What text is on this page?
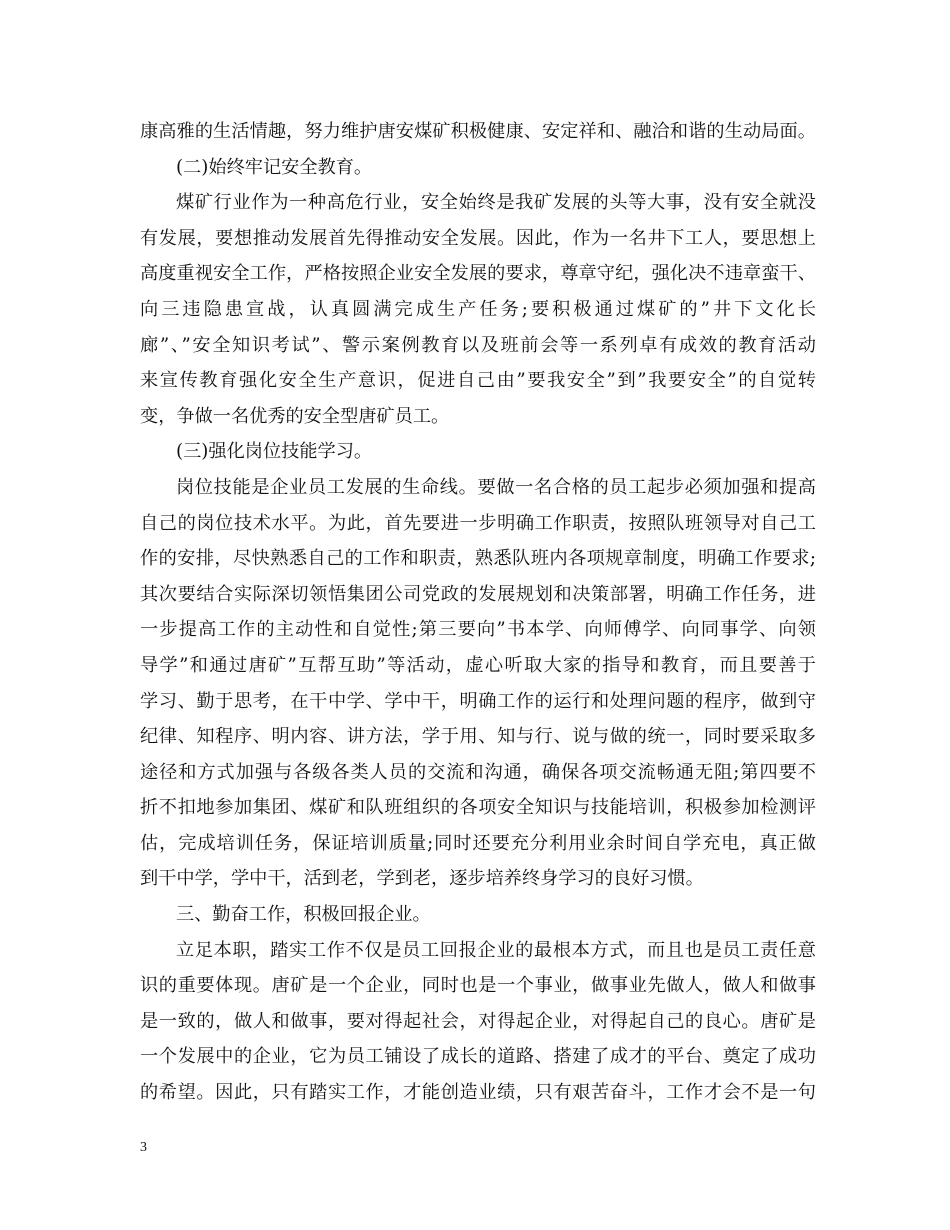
康高雅的生活情趣，努力维护唐安煤矿积极健康、安定祥和、融洽和谐的生动局面。
(二)始终牢记安全教育。
煤矿行业作为一种高危行业，安全始终是我矿发展的头等大事，没有安全就没
有发展，要想推动发展首先得推动安全发展。因此，作为一名井下工人，要思想上
高度重视安全工作，严格按照企业安全发展的要求，尊章守纪，强化决不违章蛮干、
向三违隐患宣战，认真圆满完成生产任务;要积极通过煤矿的”井下文化长
廊”、”安全知识考试”、警示案例教育以及班前会等一系列卓有成效的教育活动
来宣传教育强化安全生产意识，促进自己由”要我安全”到”我要安全”的自觉转
变，争做一名优秀的安全型唐矿员工。
(三)强化岗位技能学习。
岗位技能是企业员工发展的生命线。要做一名合格的员工起步必须加强和提高
自己的岗位技术水平。为此，首先要进一步明确工作职责，按照队班领导对自己工
作的安排，尽快熟悉自己的工作和职责，熟悉队班内各项规章制度，明确工作要求;
其次要结合实际深切领悟集团公司党政的发展规划和决策部署，明确工作任务，进
一步提高工作的主动性和自觉性;第三要向”书本学、向师傅学、向同事学、向领
导学”和通过唐矿”互帮互助”等活动，虚心听取大家的指导和教育，而且要善于
学习、勤于思考，在干中学、学中干，明确工作的运行和处理问题的程序，做到守
纪律、知程序、明内容、讲方法，学于用、知与行、说与做的统一，同时要采取多
途径和方式加强与各级各类人员的交流和沟通，确保各项交流畅通无阻;第四要不
折不扣地参加集团、煤矿和队班组织的各项安全知识与技能培训，积极参加检测评
估，完成培训任务，保证培训质量;同时还要充分利用业余时间自学充电，真正做
到干中学，学中干，活到老，学到老，逐步培养终身学习的良好习惯。
三、勤奋工作，积极回报企业。
立足本职，踏实工作不仅是员工回报企业的最根本方式，而且也是员工责任意
识的重要体现。唐矿是一个企业，同时也是一个事业，做事业先做人，做人和做事
是一致的，做人和做事，要对得起社会，对得起企业，对得起自己的良心。唐矿是
一个发展中的企业，它为员工铺设了成长的道路、搭建了成才的平台、奠定了成功
的希望。因此，只有踏实工作，才能创造业绩，只有艰苦奋斗，工作才会不是一句
3
